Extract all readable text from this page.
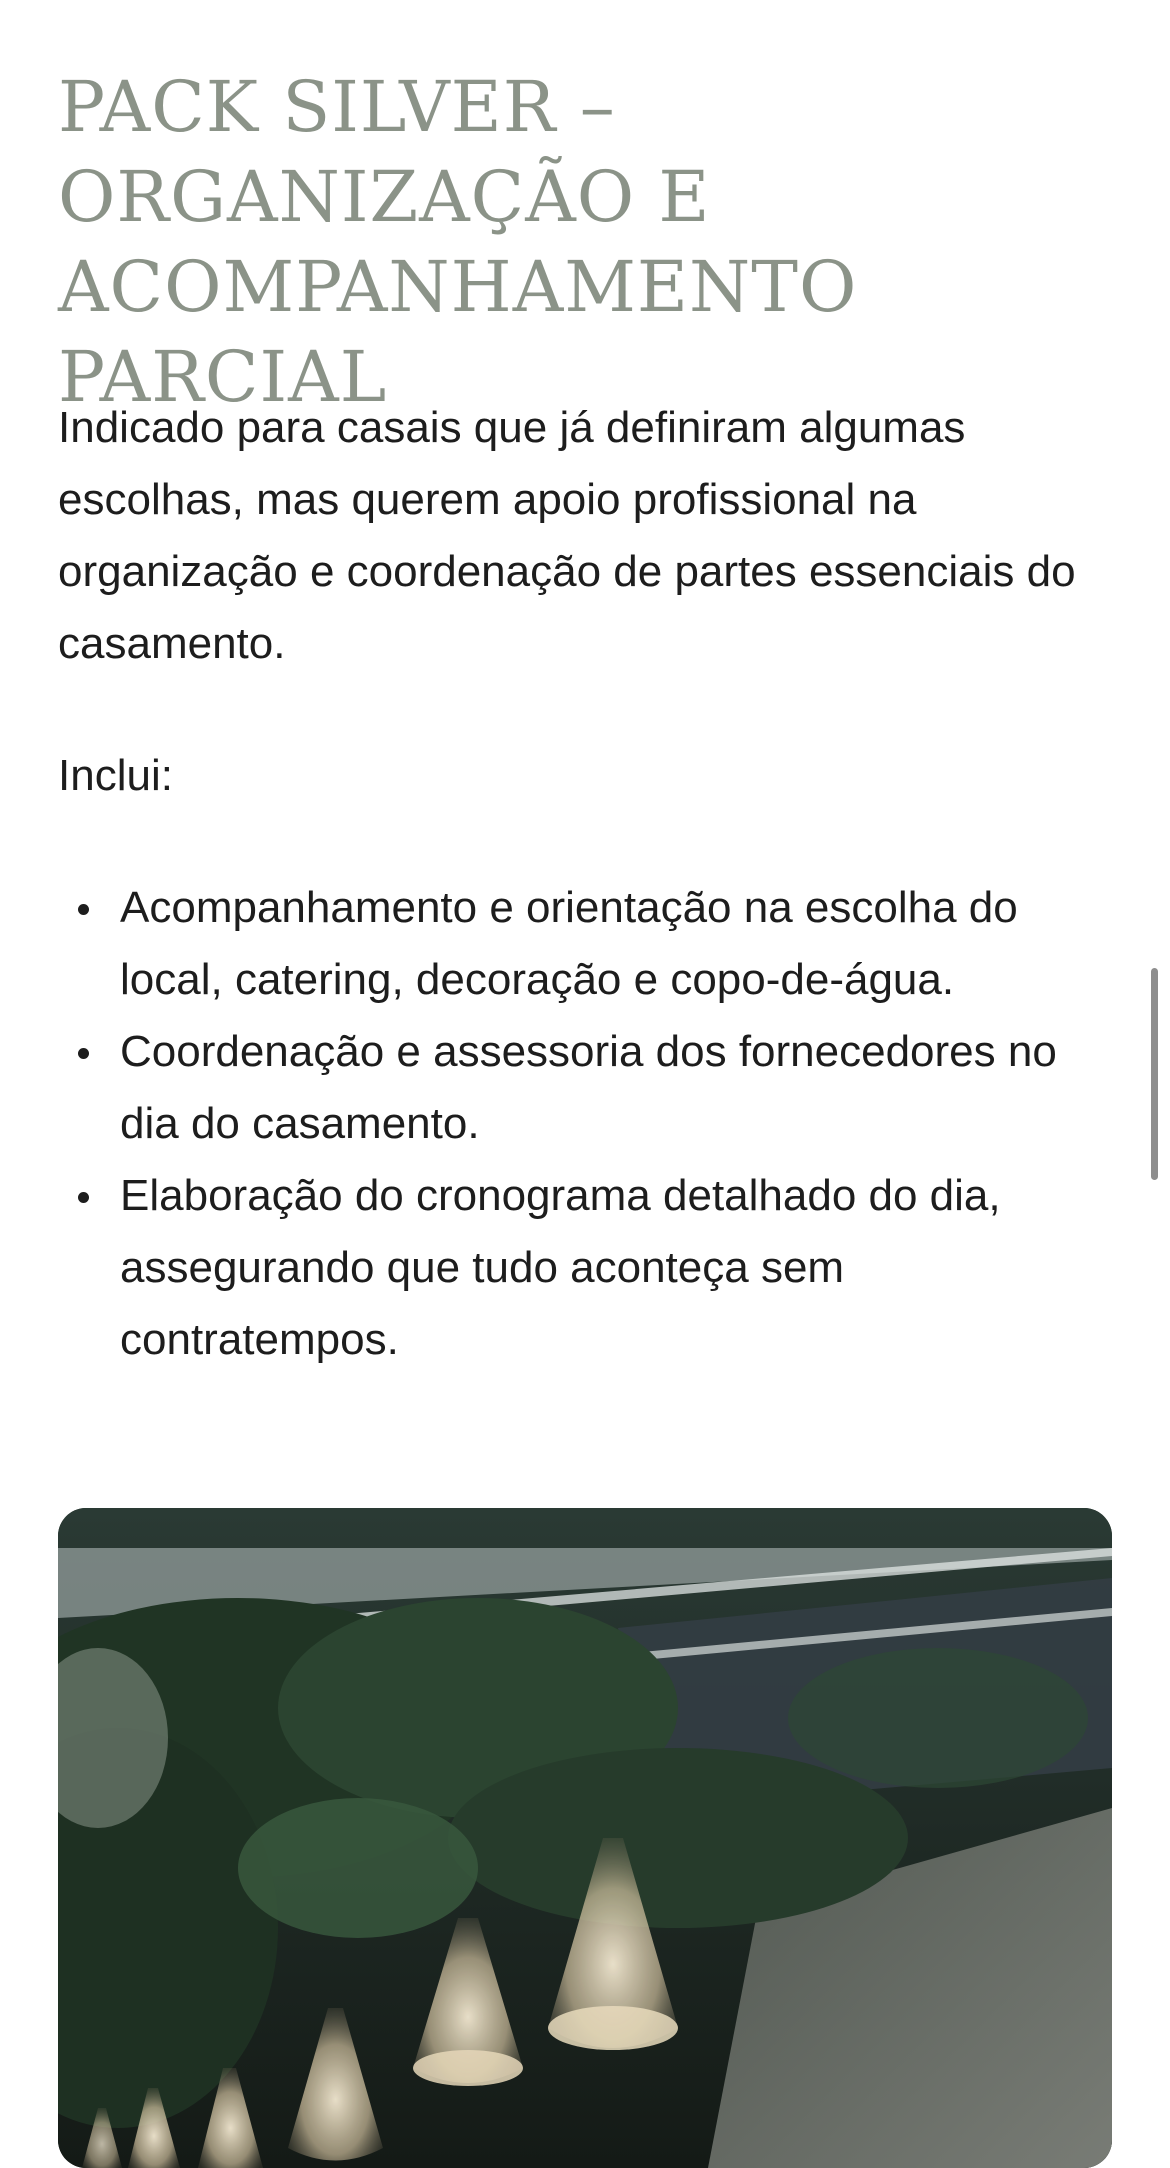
PACK SILVER – ORGANIZAÇÃO E ACOMPANHAMENTO PARCIAL

Indicado para casais que já definiram algumas escolhas, mas querem apoio profissional na organização e coordenação de partes essenciais do casamento.

Inclui:

Acompanhamento e orientação na escolha do local, catering, decoração e copo-de-água.
Coordenação e assessoria dos fornecedores no dia do casamento.
Elaboração do cronograma detalhado do dia, assegurando que tudo aconteça sem contratempos.
